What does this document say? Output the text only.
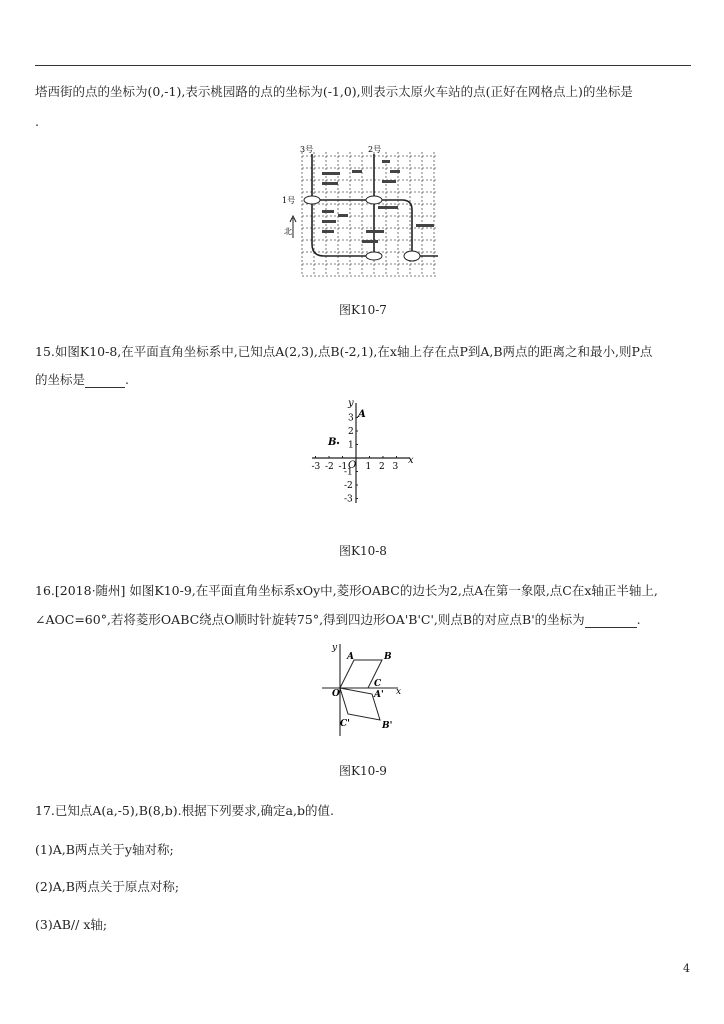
塔西街的点的坐标为(0,-1),表示桃园路的点的坐标为(-1,0),则表示太原火车站的点(正好在网格点上)的坐标是
.
3号	2号
1号
北
图K10-7
15.如图K10-8,在平面直角坐标系中,已知点A(2,3),点B(-2,1),在x轴上存在点P到A,B两点的距离之和最小,则P点
的坐标是	.
-3 -2 -1 1 2 3
3
2
1
-1
-2
-3
x
y
O
A
B
图K10-8
16.[2018·随州] 如图K10-9,在平面直角坐标系xOy中,菱形OABC的边长为2,点A在第一象限,点C在x轴正半轴上,
∠AOC=60°,若将菱形OABC绕点O顺时针旋转75°,得到四边形OA'B'C',则点B的对应点B'的坐标为	.
y
x
O
A	B
C
A'
B'
C'
图K10-9
17.已知点A(a,-5),B(8,b).根据下列要求,确定a,b的值.
(1)A,B两点关于y轴对称;
(2)A,B两点关于原点对称;
(3)AB// x轴;
4
